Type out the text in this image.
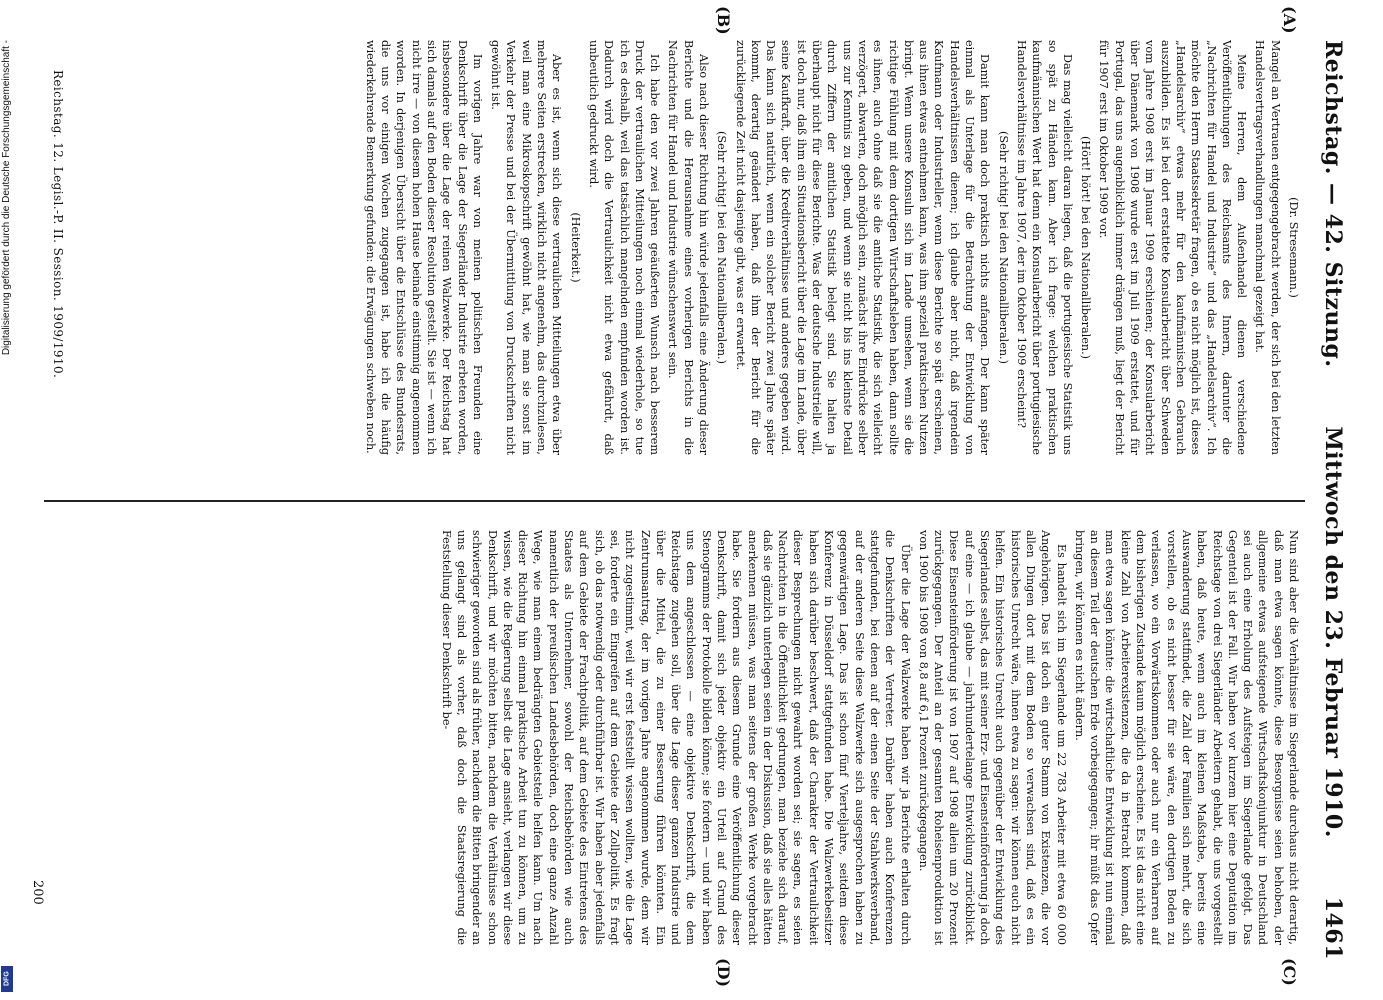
Reichstag. — 42. Sitzung.
Mittwoch den 23. Februar 1910.
1461
(A)
(B)
(C)
(D)

(Dr. Stresemann.)

Mangel an Vertrauen entgegengebracht werden, der sich bei den letzten Handelsvertragsverhandlungen manchmal gezeigt hat.

Meine Herren, dem Außenhandel dienen verschiedene Veröffentlichungen des Reichsamts des Innern, darunter die „Nachrichten für Handel und Industrie“ und das „Handelsarchiv“. Ich möchte den Herrn Staatssekretär fragen, ob es nicht möglich ist, dieses „Handelsarchiv“ etwas mehr für den kaufmännischen Gebrauch auszubilden. Es ist bei dort erstattete Konsularbericht über Schweden vom Jahre 1908 erst im Januar 1909 erschienen; der Konsularbericht über Dänemark von 1908 wurde erst im Juli 1909 erstattet, und für Portugal, das uns augenblicklich immer drängen muß, liegt der Bericht für 1907 erst im Oktober 1909 vor.

(Hört! hört! bei den Nationalliberalen.)

Das mag vielleicht daran liegen, daß die portugiesische Statistik uns so spät zu Händen kam. Aber ich frage: welchen praktischen kaufmännischen Wert hat denn ein Konsularbericht über portugiesische Handelsverhältnisse im Jahre 1907, der im Oktober 1909 erscheint?

(Sehr richtig! bei den Nationalliberalen.)

Damit kann man doch praktisch nichts anfangen. Der kann später einmal als Unterlage für die Betrachtung der Entwicklung von Handelsverhältnissen dienen; ich glaube aber nicht, daß irgendein Kaufmann oder Industrieller, wenn diese Berichte so spät erscheinen, aus ihnen etwas entnehmen kann, was ihm speziell praktischen Nutzen bringt. Wenn unsere Konsuln sich im Lande umsehen, wenn sie die richtige Fühlung mit dem dortigen Wirtschaftsleben haben, dann sollte es ihnen, auch ohne daß sie die amtliche Statistik, die sich vielleicht verzögert, abwarten, doch möglich sein, zunächst ihre Eindrücke selber uns zur Kenntnis zu geben, und wenn sie nicht bis ins kleinste Detail durch Ziffern der amtlichen Statistik belegt sind. Sie halten ja überhaupt nicht für diese Berichte. Was der deutsche Industrielle will, ist doch nur, daß ihm ein Situationsbericht über die Lage im Lande, über seine Kaufkraft, über die Kreditverhältnisse und anderes gegeben wird. Das kann sich natürlich, wenn ein solcher Bericht zwei Jahre später kommt, derartig geändert haben, daß ihm der Bericht für die zurückliegende Zeit nicht dasjenige gibt, was er erwartet.

(Sehr richtig! bei den Nationalliberalen.)

Also nach dieser Richtung hin würde jedenfalls eine Änderung dieser Berichte und die Herausnahme eines vorherigen Berichts in die Nachrichten für Handel und Industrie wünschenswert sein.

Ich habe den vor zwei Jahren geäußerten Wunsch nach besserem Druck der vertraulichen Mitteilungen noch einmal wiederhole, so tue ich es deshalb, weil das tatsächlich mangelnden empfunden worden ist. Dadurch wird doch die Vertraulichkeit nicht etwa gefährdt, daß unbeutlich gedruckt wird.

(Heiterkeit.)

Aber es ist, wenn sich diese vertraulichen Mitteilungen etwa über mehrere Seiten erstrecken, wirklich nicht angenehm, das durchzulesen, weil man eine Mikroskopschrift gewöhnt hat, wie man sie sonst im Verkehr der Presse und bei der Übermittlung von Druckschriften nicht gewöhnt ist.

Im vorigen Jahre war von meinen politischen Freunden eine Denkschrift über die Lage der Siegerländer Industrie erbeten worden, insbesondere über die Lage der reinen Walzwerke. Der Reichstag hat sich damals auf den Boden dieser Resolution gestellt. Sie ist — wenn ich nicht irre — von diesem hohen Hause beinahe einstimmig angenommen worden. In derjenigen Übersicht über die Entschlüsse des Bundesrats, die uns vor einigen Wochen zugegangen ist, habe ich die häufig wiederkehrende Bemerkung gefunden: die Erwägungen schweben noch.

Nun sind aber die Verhältnisse im Siegerlande durchaus nicht derartig, daß man etwa sagen könnte, diese Besorgnisse seien behoben, der allgemeine etwas aufsteigende Wirtschaftskonjunktur in Deutschland sei auch eine Erholung des Aufsteigen im Siegerlande gefolgt. Das Gegenteil ist der Fall. Wir haben vor kurzem hier eine Deputation im Reichstage von drei Siegerländer Arbeitern gehabt, die uns vorgestellt haben, daß heute, wenn auch im kleinen Maßstabe, bereits eine Auswanderung stattfindet, die Zahl der Familien sich mehrt, die sich vorstellen, ob es nicht besser für sie wäre, den dortigen Boden zu verlassen, wo ein Vorwärtskommen oder auch nur ein Verharren auf dem bisherigen Zustande kaum möglich erscheine. Es ist das nicht eine kleine Zahl von Arbeiterexistenzen, die da in Betracht kommen, daß man etwa sagen könnte: die wirtschaftliche Entwicklung ist nun einmal an diesem Teil der deutschen Erde vorbeigegangen; ihr müßt das Opfer bringen, wir können es nicht ändern.

Es handelt sich im Siegerlande um 22 783 Arbeiter mit etwa 60 000 Angehörigen. Das ist doch ein guter Stamm von Existenzen, die vor allen Dingen dort mit dem Boden so verwachsen sind, daß es ein historisches Unrecht wäre, ihnen etwa zu sagen: wir können euch nicht helfen. Ein historisches Unrecht auch gegenüber der Entwicklung des Siegerlandes selbst, das mit seiner Erz- und Eisensteinförderung ja doch auf eine — ich glaube — jahrhundertelange Entwicklung zurückblickt. Diese Eisensteinförderung ist von 1907 auf 1908 allein um 20 Prozent zurückgegangen. Der Anteil an der gesamten Roheisenproduktion ist von 1900 bis 1908 von 8,8 auf 6,1 Prozent zurückgegangen.

Über die Lage der Walzwerke haben wir ja Berichte erhalten durch die Denkschriften der Vertreter. Darüber haben auch Konferenzen stattgefunden, bei denen auf der einen Seite der Stahlwerksverband, auf der anderen Seite diese Walzwerke sich ausgesprochen haben zu gegenwärtigen Lage. Das ist schon fünf Vierteljahre, seitdem diese Konferenz in Düsseldorf stattgefunden habe. Die Walzwerkebesitzer haben sich darüber beschwert, daß der Charakter der Vertraulichkeit dieser Besprechungen nicht gewahrt worden sei; sie sagen, es seien Nachrichten in die Öffentlichkeit gedrungen, man beziehe sich darauf, daß sie gänzlich unterlegen seien in der Diskussion, daß sie alles hätten anerkennen müssen, was man seitens der großen Werke vorgebracht habe. Sie fordern aus diesem Grunde eine Veröffentlichung dieser Denkschrift, damit sich jeder objektiv ein Urteil auf Grund des Stenogramms der Protokolle bilden könne; sie fordern — und wir haben uns dem angeschlossen — eine objektive Denkschrift, die dem Reichstage zugehen soll, über die Lage dieser ganzen Industrie und über die Mittel, die zu einer Besserung führen könnten. Ein Zentrumsantrag, der im vorigen Jahre angenommen wurde, dem wir nicht zugestimmt, weil wir erst feststellt wissen wollten, wie die Lage sei, forderte ein Eingreifen auf dem Gebiete der Zollpolitik. Es fragt sich, ob das notwendig oder durchführbar ist. Wir haben aber jedenfalls auf dem Gebiete der Frachtpolitik, auf dem Gebiete des Eintretens des Staates als Unternehmer, sowohl der Reichsbehörden wie auch namentlich der preußischen Landesbehörden, doch eine ganze Anzahl Wege, wie man einem bedrängten Gebietsteile helfen kann. Um nach dieser Richtung hin einmal praktische Arbeit tun zu können, um zu wissen, wie die Regierung selbst die Lage ansieht, verlangen wir diese Denkschrift, und wir möchten bitten, nachdem die Verhältnisse schon schwieriger geworden sind als früher, nachdem die Bitten bringender an uns gelangt sind als vorher, daß doch die Staatsregierung die Feststellung dieser Denkschrift be-

Reichstag. 12. Legisl.-P. II. Session. 1909/1910.
200
Digitalisierung gefördert durch die Deutsche Forschungsgemeinschaft -
DFG
